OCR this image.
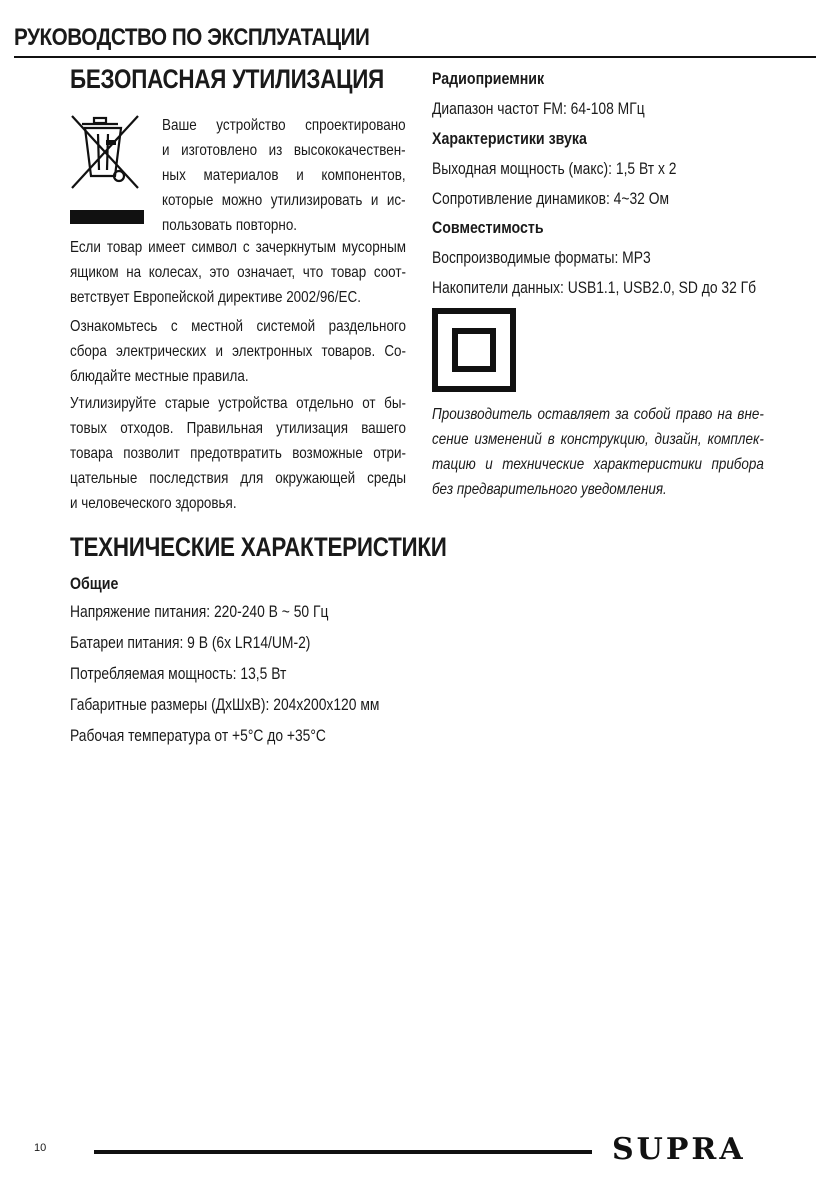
РУКОВОДСТВО ПО ЭКСПЛУАТАЦИИ
БЕЗОПАСНАЯ УТИЛИЗАЦИЯ
Ваше устройство спроектировано
и изготовлено из высококачествен-
ных материалов и компонентов,
которые можно утилизировать и ис-
пользовать повторно.
Если товар имеет символ с зачеркнутым мусорным
ящиком на колесах, это означает, что товар соот-
ветствует Европейской директиве 2002/96/ЕС.
Ознакомьтесь с местной системой раздельного
сбора электрических и электронных товаров. Со-
блюдайте местные правила.
Утилизируйте старые устройства отдельно от бы-
товых отходов. Правильная утилизация вашего
товара позволит предотвратить возможные отри-
цательные последствия для окружающей среды
и человеческого здоровья.
ТЕХНИЧЕСКИЕ ХАРАКТЕРИСТИКИ
Общие
Напряжение питания: 220-240 В ~ 50 Гц
Батареи питания: 9 В (6х LR14/UM-2)
Потребляемая мощность: 13,5 Вт
Габаритные размеры (ДхШхВ): 204х200х120 мм
Рабочая температура от +5°C до +35°C
Радиоприемник
Диапазон частот FM: 64-108 МГц
Характеристики звука
Выходная мощность (макс): 1,5 Вт х 2
Сопротивление динамиков: 4~32 Ом
Совместимость
Воспроизводимые форматы: MP3
Накопители данных: USB1.1, USB2.0, SD до 32 Гб
Производитель оставляет за собой право на вне-
сение изменений в конструкцию, дизайн, комплек-
тацию и технические характеристики прибора
без предварительного уведомления.
10	SUPRA
